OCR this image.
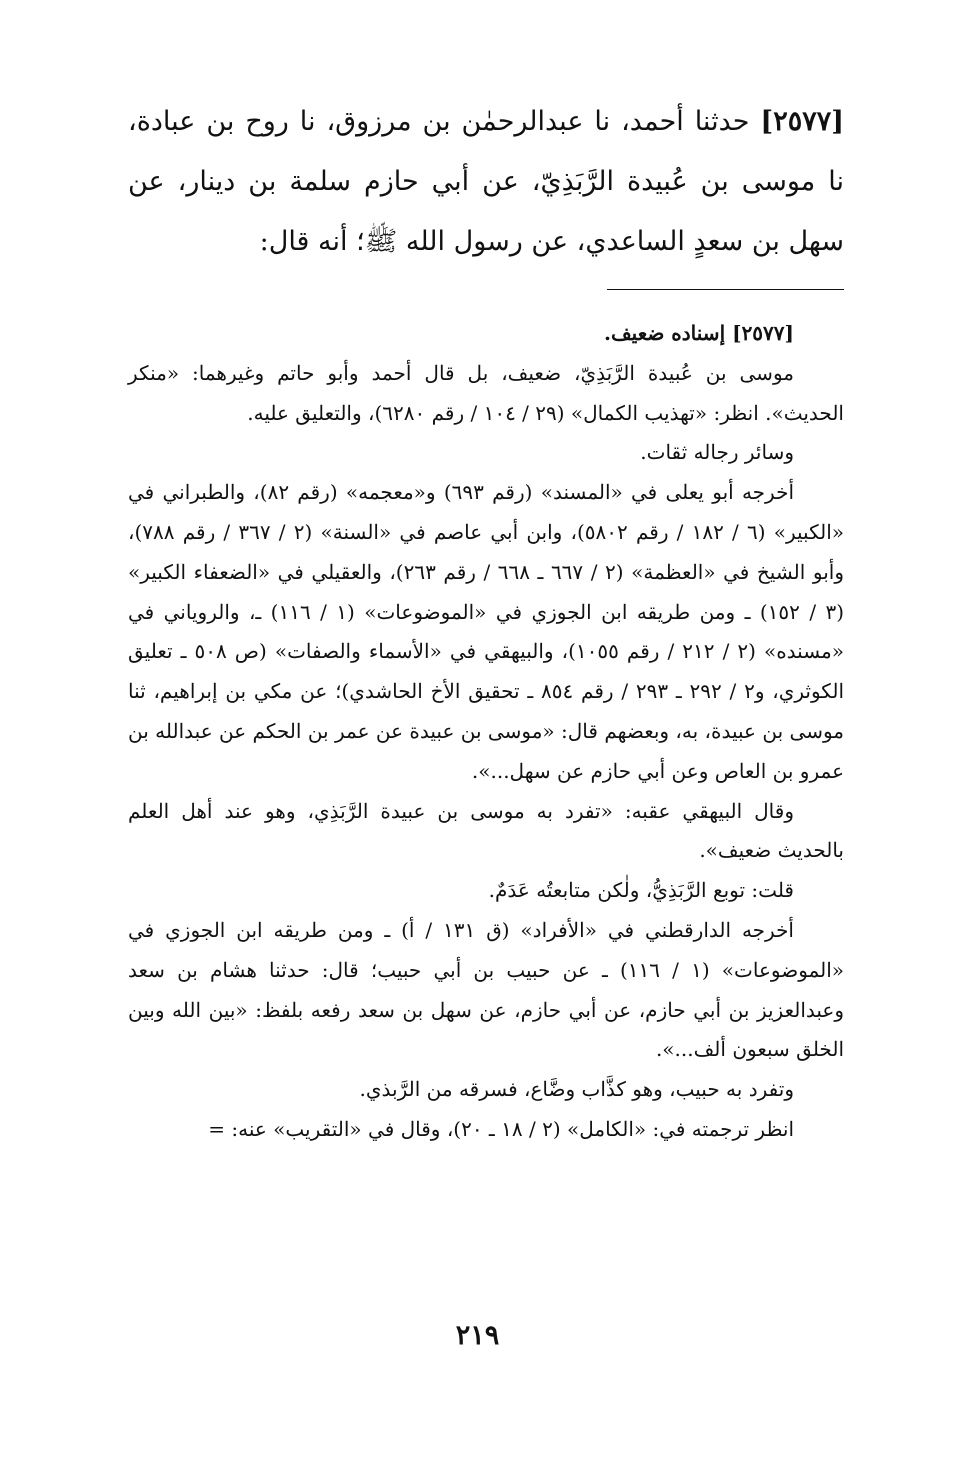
[٢٥٧٧] حدثنا أحمد، نا عبدالرحمٰن بن مرزوق، نا روح بن عبادة، نا موسى بن عُبيدة الرَّبَذِيّ، عن أبي حازم سلمة بن دينار، عن سهل بن سعدٍ الساعدي، عن رسول الله ﷺ؛ أنه قال:

[٢٥٧٧] إسناده ضعيف.

موسى بن عُبيدة الرَّبَذِيّ، ضعيف، بل قال أحمد وأبو حاتم وغيرهما: «منكر الحديث». انظر: «تهذيب الكمال» (٢٩ / ١٠٤ / رقم ٦٢٨٠)، والتعليق عليه.

وسائر رجاله ثقات.

أخرجه أبو يعلى في «المسند» (رقم ٦٩٣) و«معجمه» (رقم ٨٢)، والطبراني في «الكبير» (٦ / ١٨٢ / رقم ٥٨٠٢)، وابن أبي عاصم في «السنة» (٢ / ٣٦٧ / رقم ٧٨٨)، وأبو الشيخ في «العظمة» (٢ / ٦٦٧ ـ ٦٦٨ / رقم ٢٦٣)، والعقيلي في «الضعفاء الكبير» (٣ / ١٥٢) ـ ومن طريقه ابن الجوزي في «الموضوعات» (١ / ١١٦) ـ، والروياني في «مسنده» (٢ / ٢١٢ / رقم ١٠٥٥)، والبيهقي في «الأسماء والصفات» (ص ٥٠٨ ـ تعليق الكوثري، و٢ / ٢٩٢ ـ ٢٩٣ / رقم ٨٥٤ ـ تحقيق الأخ الحاشدي)؛ عن مكي بن إبراهيم، ثنا موسى بن عبيدة، به، وبعضهم قال: «موسى بن عبيدة عن عمر بن الحكم عن عبدالله بن عمرو بن العاص وعن أبي حازم عن سهل...».

وقال البيهقي عقبه: «تفرد به موسى بن عبيدة الرَّبَذِي، وهو عند أهل العلم بالحديث ضعيف».

قلت: توبع الرَّبَذِيُّ، ولٰكن متابعتُه عَدَمٌ.

أخرجه الدارقطني في «الأفراد» (ق ١٣١ / أ) ـ ومن طريقه ابن الجوزي في «الموضوعات» (١ / ١١٦) ـ عن حبيب بن أبي حبيب؛ قال: حدثنا هشام بن سعد وعبدالعزيز بن أبي حازم، عن أبي حازم، عن سهل بن سعد رفعه بلفظ: «بين الله وبين الخلق سبعون ألف...».

وتفرد به حبيب، وهو كذَّاب وضَّاع، فسرقه من الرَّبذي.

انظر ترجمته في: «الكامل» (٢ / ١٨ ـ ٢٠)، وقال في «التقريب» عنه: =

٢١٩
